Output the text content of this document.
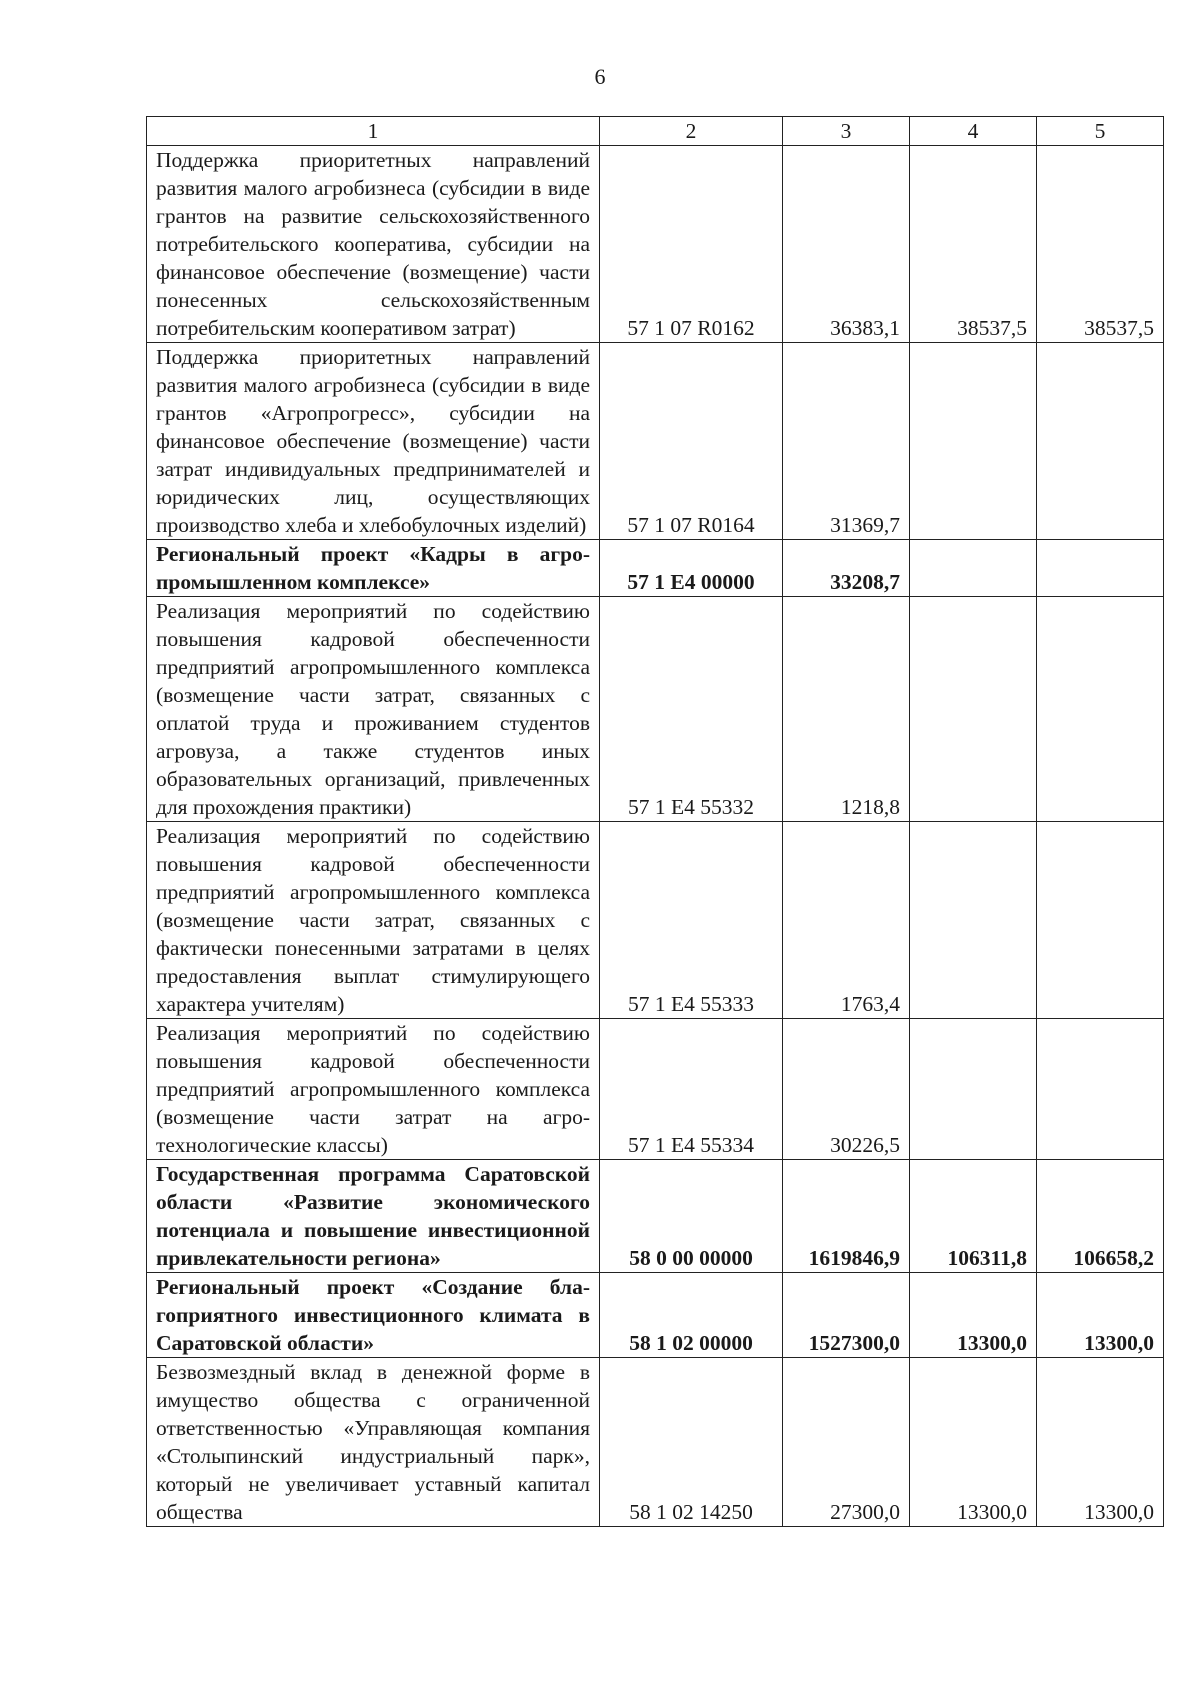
6
1	2	3	4	5
Поддержка приоритетных направлений развития малого агробизнеса (субсидии в виде грантов на развитие сельскохозяйственного потребительского кооператива, субсидии на финансовое обеспечение (возмещение) части понесенных сельскохозяйственным потребительским кооперативом затрат)	57 1 07 R0162	36383,1	38537,5	38537,5
Поддержка приоритетных направлений развития малого агробизнеса (субсидии в виде грантов «Агропрогресс», субсидии на финансовое обеспечение (возмещение) части затрат индивидуальных предпринимателей и юридических лиц, осуществляющих производство хлеба и хлебобулочных изделий)	57 1 07 R0164	31369,7		
Региональный проект «Кадры в агропромышленном комплексе»	57 1 Е4 00000	33208,7		
Реализация мероприятий по содействию повышения кадровой обеспеченности предприятий агропромышленного комплекса (возмещение части затрат, связанных с оплатой труда и проживанием студентов агровуза, а также студентов иных образовательных организаций, привлеченных для прохождения практики)	57 1 Е4 55332	1218,8		
Реализация мероприятий по содействию повышения кадровой обеспеченности предприятий агропромышленного комплекса (возмещение части затрат, связанных с фактически понесенными затратами в целях предоставления выплат стимулирующего характера учителям)	57 1 Е4 55333	1763,4		
Реализация мероприятий по содействию повышения кадровой обеспеченности предприятий агропромышленного комплекса (возмещение части затрат на агротехнологические классы)	57 1 Е4 55334	30226,5		
Государственная программа Саратовской области «Развитие экономического потенциала и повышение инвестиционной привлекательности региона»	58 0 00 00000	1619846,9	106311,8	106658,2
Региональный проект «Создание благоприятного инвестиционного климата в Саратовской области»	58 1 02 00000	1527300,0	13300,0	13300,0
Безвозмездный вклад в денежной форме в имущество общества с ограниченной ответственностью «Управляющая компания «Столыпинский индустриальный парк», который не увеличивает уставный капитал общества	58 1 02 14250	27300,0	13300,0	13300,0
